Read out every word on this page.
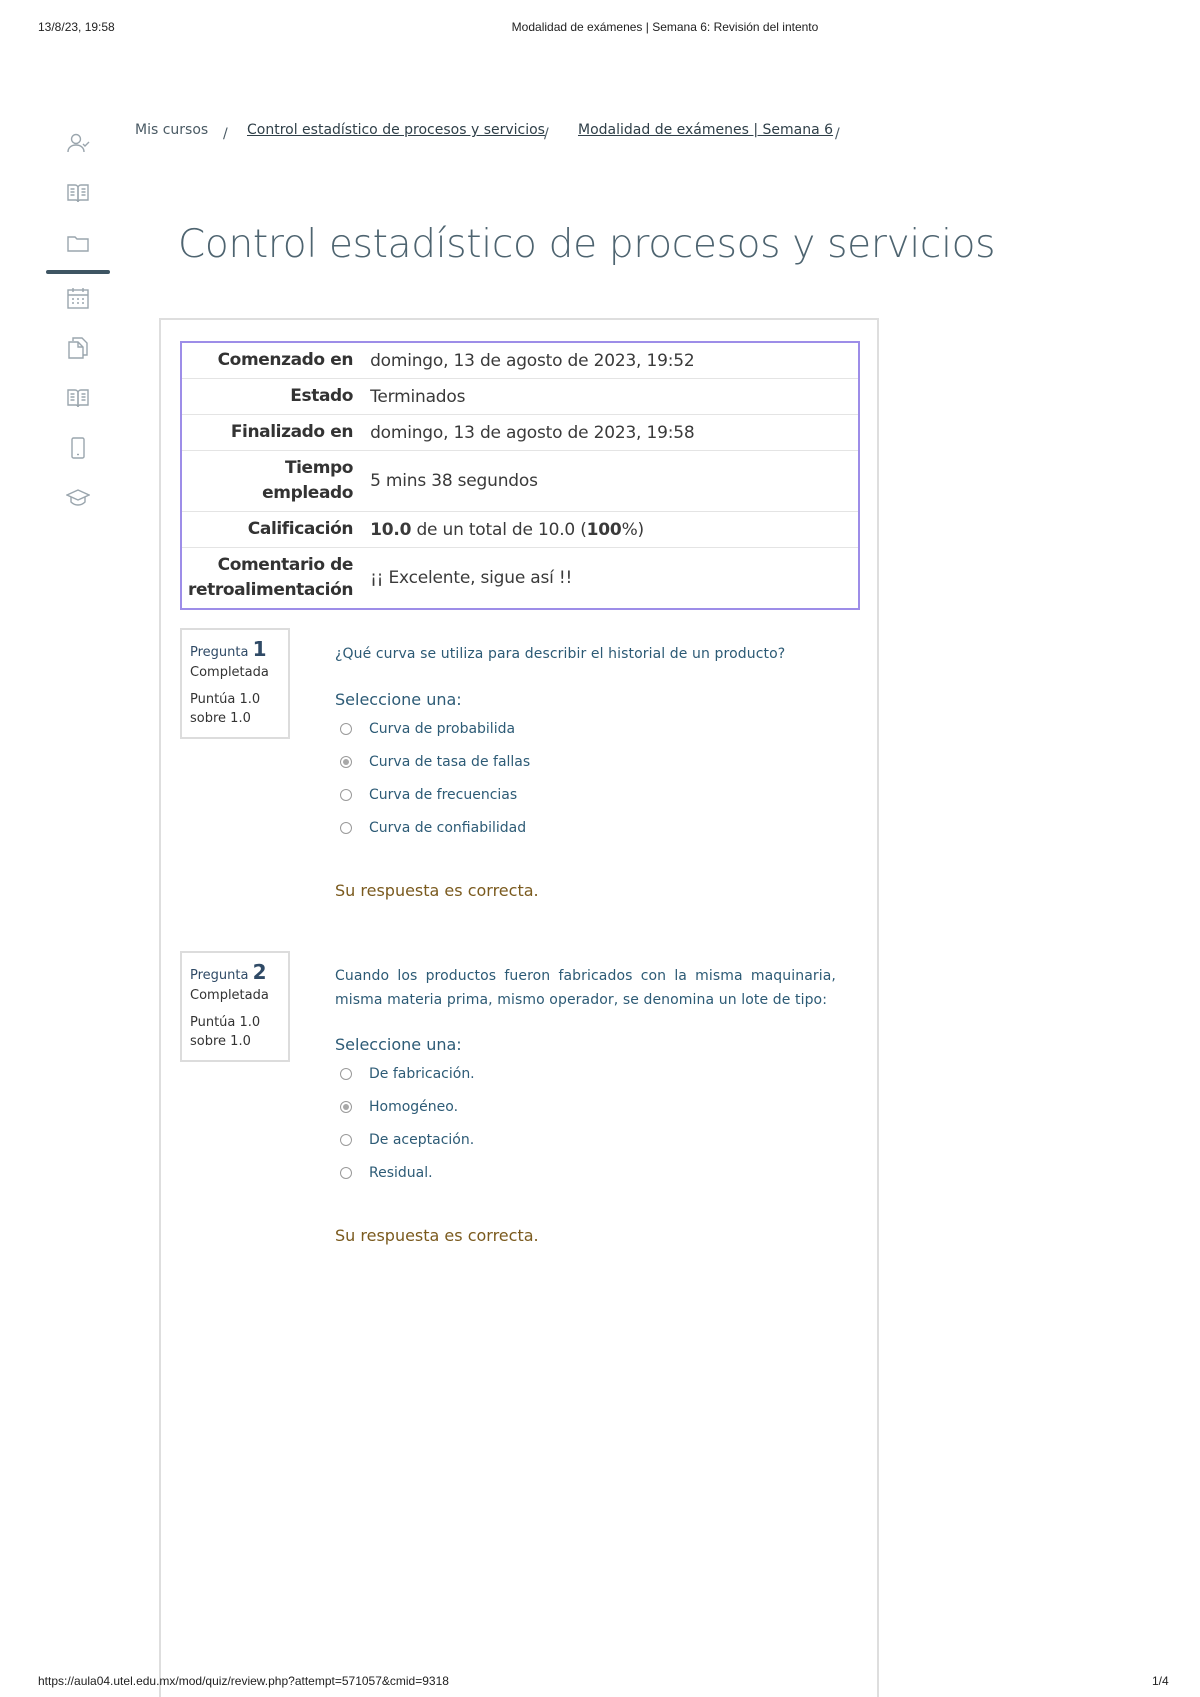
13/8/23, 19:58	Modalidad de exámenes | Semana 6: Revisión del intento
Mis cursos / Control estadístico de procesos y servicios / Modalidad de exámenes | Semana 6 /
Control estadístico de procesos y servicios
Comenzado en	domingo, 13 de agosto de 2023, 19:52
Estado	Terminados
Finalizado en	domingo, 13 de agosto de 2023, 19:58
Tiempo
empleado	5 mins 38 segundos
Calificación	10.0 de un total de 10.0 (100%)
Comentario de
retroalimentación	¡¡ Excelente, sigue así !!
Pregunta 1
Completada
Puntúa 1.0
sobre 1.0
¿Qué curva se utiliza para describir el historial de un producto?
Seleccione una:
Curva de probabilida
Curva de tasa de fallas
Curva de frecuencias
Curva de confiabilidad
Su respuesta es correcta.
Pregunta 2
Completada
Puntúa 1.0
sobre 1.0
Cuando los productos fueron fabricados con la misma maquinaria, misma materia prima, mismo operador, se denomina un lote de tipo:
Seleccione una:
De fabricación.
Homogéneo.
De aceptación.
Residual.
Su respuesta es correcta.
https://aula04.utel.edu.mx/mod/quiz/review.php?attempt=571057&cmid=9318	1/4
